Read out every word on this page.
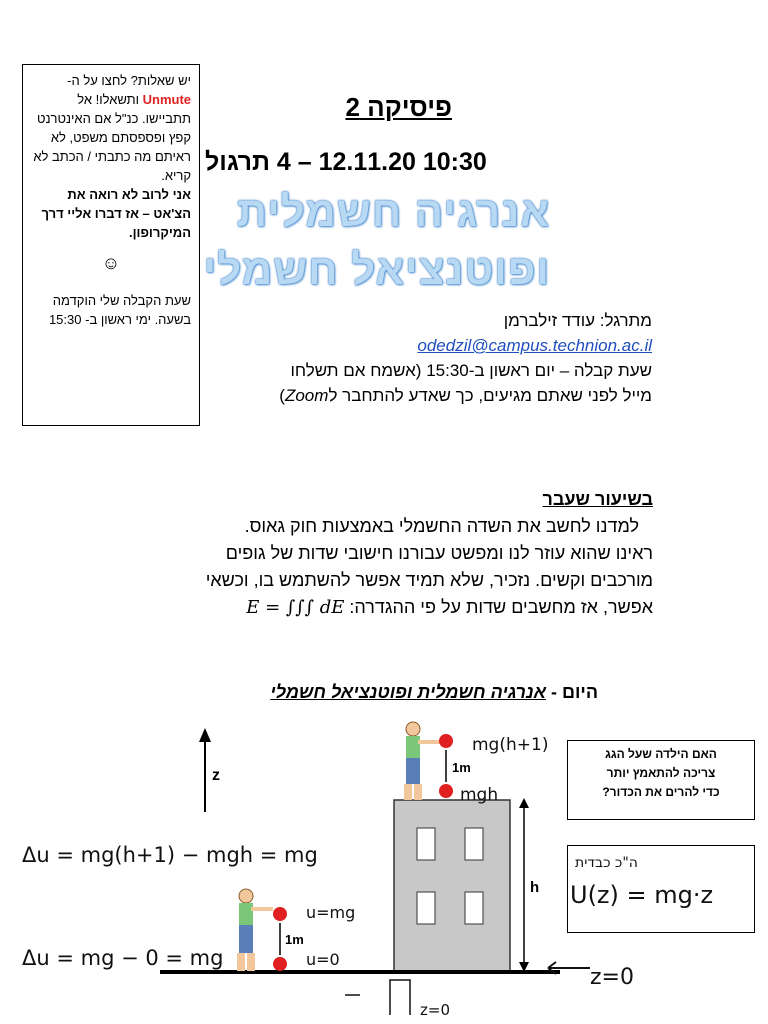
יש שאלות? לחצו על ה- Unmute ותשאלו! אל תתביישו. כנ"ל אם האינטרנט קפץ ופספסתם משפט, לא ראיתם מה כתבתי / הכתב לא קריא.

אני לרוב לא רואה את הצ'אט – אז דברו אליי דרך המיקרופון.

☺

שעת הקבלה שלי הוקדמה בשעה. ימי ראשון ב- 15:30

פיסיקה 2
10:30 12.11.20 – 4 תרגול
אנרגיה חשמלית
ופוטנציאל חשמלי
מתרגל: עודד זילברמן
odedzil@campus.technion.ac.il
שעת קבלה – יום ראשון ב-15:30 (אשמח אם תשלחו
מייל לפני שאתם מגיעים, כך שאדע להתחבר לZoom)
בשיעור שעבר
למדנו לחשב את השדה החשמלי באמצעות חוק גאוס.
ראינו שהוא עוזר לנו ומפשט עבורנו חישובי שדות של גופים
מורכבים וקשים. נזכיר, שלא תמיד אפשר להשתמש בו, וכשאי
אפשר, אז מחשבים שדות על פי ההגדרה: E = ∫∫∫ dE
היום - אנרגיה חשמלית ופוטנציאל חשמלי
האם הילדה שעל הגג
צריכה להתאמץ יותר
כדי להרים את הכדור?
z
h
1m
1m
mg(h+1)
mgh
u=mg
u=0
Δu = mg(h+1) − mgh = mg
Δu = mg − 0 = mg
z=0
ה"כ כבדית
U(z) = mg·z
z=0
